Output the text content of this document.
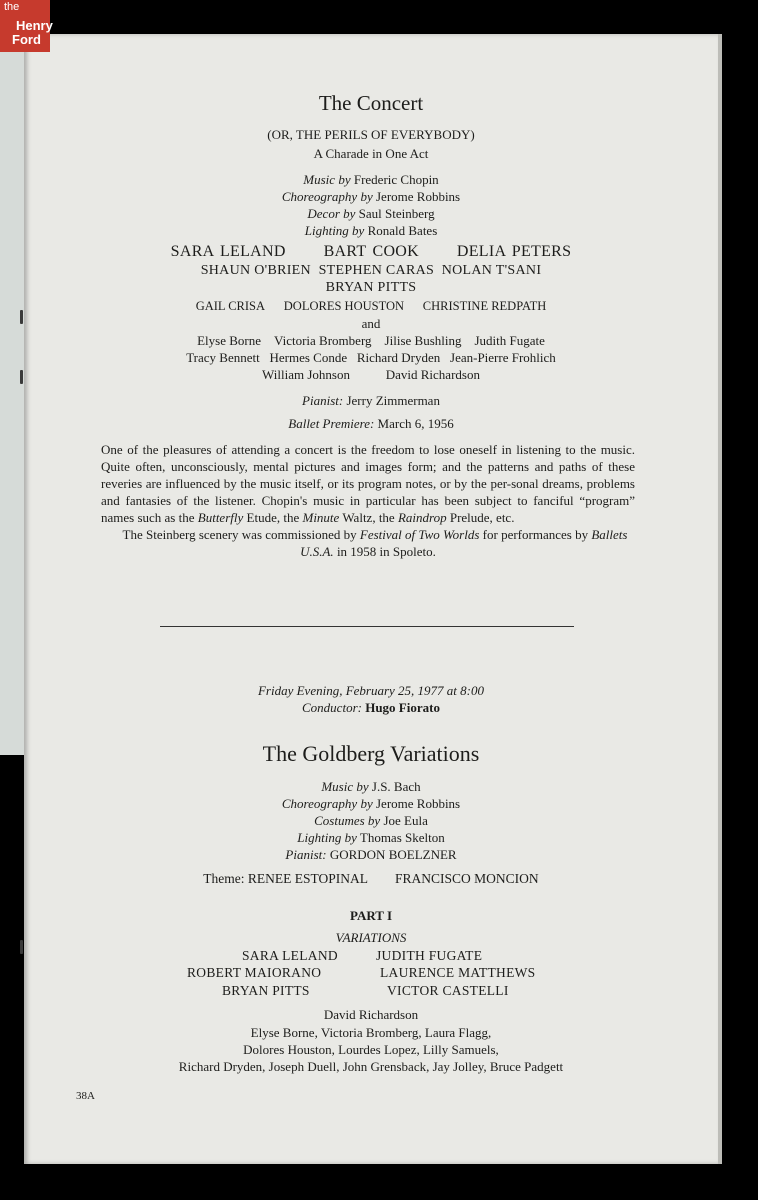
the
Henry
Ford
The Concert
(OR, THE PERILS OF EVERYBODY)
A Charade in One Act
Music by Frederic Chopin
Choreography by Jerome Robbins
Decor by Saul Steinberg
Lighting by Ronald Bates
SARA LELAND BART COOK DELIA PETERS
SHAUN O'BRIEN STEPHEN CARAS NOLAN T'SANI
BRYAN PITTS
GAIL CRISA DOLORES HOUSTON CHRISTINE REDPATH
and
Elyse Borne Victoria Bromberg Jilise Bushling Judith Fugate
Tracy Bennett Hermes Conde Richard Dryden Jean-Pierre Frohlich
William Johnson	David Richardson
Pianist: Jerry Zimmerman
Ballet Premiere: March 6, 1956

One of the pleasures of attending a concert is the freedom to lose oneself in listening to the music. Quite often, unconsciously, mental pictures and images form; and the patterns and paths of these reveries are influenced by the music itself, or its program notes, or by the per-sonal dreams, problems and fantasies of the listener. Chopin's music in particular has been subject to fanciful “program” names such as the Butterfly Etude, the Minute Waltz, the Raindrop Prelude, etc.

The Steinberg scenery was commissioned by Festival of Two Worlds for performances by Ballets U.S.A. in 1958 in Spoleto.

Friday Evening, February 25, 1977 at 8:00
Conductor: Hugo Fiorato
The Goldberg Variations
Music by J.S. Bach
Choreography by Jerome Robbins
Costumes by Joe Eula
Lighting by Thomas Skelton
Pianist: GORDON BOELZNER
Theme: RENEE ESTOPINAL FRANCISCO MONCION
PART I
VARIATIONS
SARA LELAND	JUDITH FUGATE
ROBERT MAIORANO	LAURENCE MATTHEWS
BRYAN PITTS	VICTOR CASTELLI
David Richardson
Elyse Borne, Victoria Bromberg, Laura Flagg,
Dolores Houston, Lourdes Lopez, Lilly Samuels,
Richard Dryden, Joseph Duell, John Grensback, Jay Jolley, Bruce Padgett
38A
